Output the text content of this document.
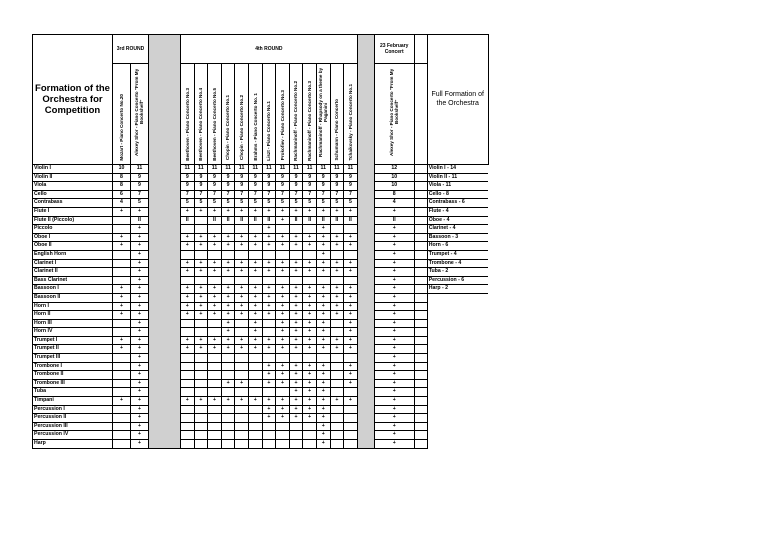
Formation of the Orchestra for Competition	3rd ROUND			4th ROUND														23 February Concert		Full Formation of the Orchestra

	Mozart - Piano Concerto No.20	Alexey Shor - Piano Concerto "From My Bookshelf"		Beethoven - Piano Concerto No.3	Beethoven - Piano Concerto No.4	Beethoven - Piano Concerto No.5	Chopin - Piano Concerto No.1	Chopin - Piano Concerto No.2	Brahms - Piano Concerto No. 1	Liszt - Piano Concerto No.1	Prokofiev - Piano Concerto No.3	Rachmaninoff - Piano Concerto No.2	Rachmaninoff - Piano Concerto No.3	Rachmaninoff - Rhapsody on a theme by Paganini	Schumann - Piano Concerto	Tchaikovsky - Piano Concerto No.1		Alexey Shor - Piano Concerto "From My Bookshelf"		
Violin I	10	11		11	11	11	11	11	11	11	11	11	11	11	11	11		12		Violin I - 14
Violin II	8	9		9	9	9	9	9	9	9	9	9	9	9	9	9		10		Violin II - 11
Viola	8	9		9	9	9	9	9	9	9	9	9	9	9	9	9		10		Viola - 11
Cello	6	7		7	7	7	7	7	7	7	7	7	7	7	7	7		8		Cello - 8
Contrabass	4	5		5	5	5	5	5	5	5	5	5	5	5	5	5		4		Contrabass - 6
Flute I	+	+		+	+	+	+	+	+	+	+	+	+	+	+	+		+		Flute - 4
Flute II (Piccolo)		II		II		II	II	II	II	II	+	II	II	II	II	II		II		Oboe - 4
Piccolo		+								+				+				+		Clarinet - 4
Oboe I	+	+		+	+	+	+	+	+	+	+	+	+	+	+	+		+		Bassoon - 3
Oboe II	+	+		+	+	+	+	+	+	+	+	+	+	+	+	+		+		Horn - 6
English Horn		+												+				+		Trumpet - 4
Clarinet I		+		+	+	+	+	+	+	+	+	+	+	+	+	+		+		Trombone - 4
Clarinet II		+		+	+	+	+	+	+	+	+	+	+	+	+	+		+		Tuba - 2
Bass Clarinet		+																+		Percussion - 6
Bassoon I	+	+		+	+	+	+	+	+	+	+	+	+	+	+	+		+		Harp - 2
Bassoon II	+	+		+	+	+	+	+	+	+	+	+	+	+	+	+		+		
Horn I	+	+		+	+	+	+	+	+	+	+	+	+	+	+	+		+		
Horn II	+	+		+	+	+	+	+	+	+	+	+	+	+	+	+		+		
Horn III		+					+		+		+	+	+	+		+		+		
Horn IV		+					+		+		+	+	+	+		+		+		
Trumpet I	+	+		+	+	+	+	+	+	+	+	+	+	+	+	+		+		
Trumpet II	+	+		+	+	+	+	+	+	+	+	+	+	+	+	+		+		
Trumpet III		+																+		
Trombone I		+								+	+	+	+	+		+		+		
Trombone II		+								+	+	+	+	+		+		+		
Trombone III		+					+	+		+	+	+	+	+		+		+		
Tuba		+										+	+	+				+		
Timpani	+	+		+	+	+	+	+	+	+	+	+	+	+	+	+		+		
Percussion I		+								+	+	+	+	+				+		
Percussion II		+								+	+	+	+	+				+		
Percussion III		+												+				+		
Percussion IV		+												+				+		
Harp		+												+				+		
